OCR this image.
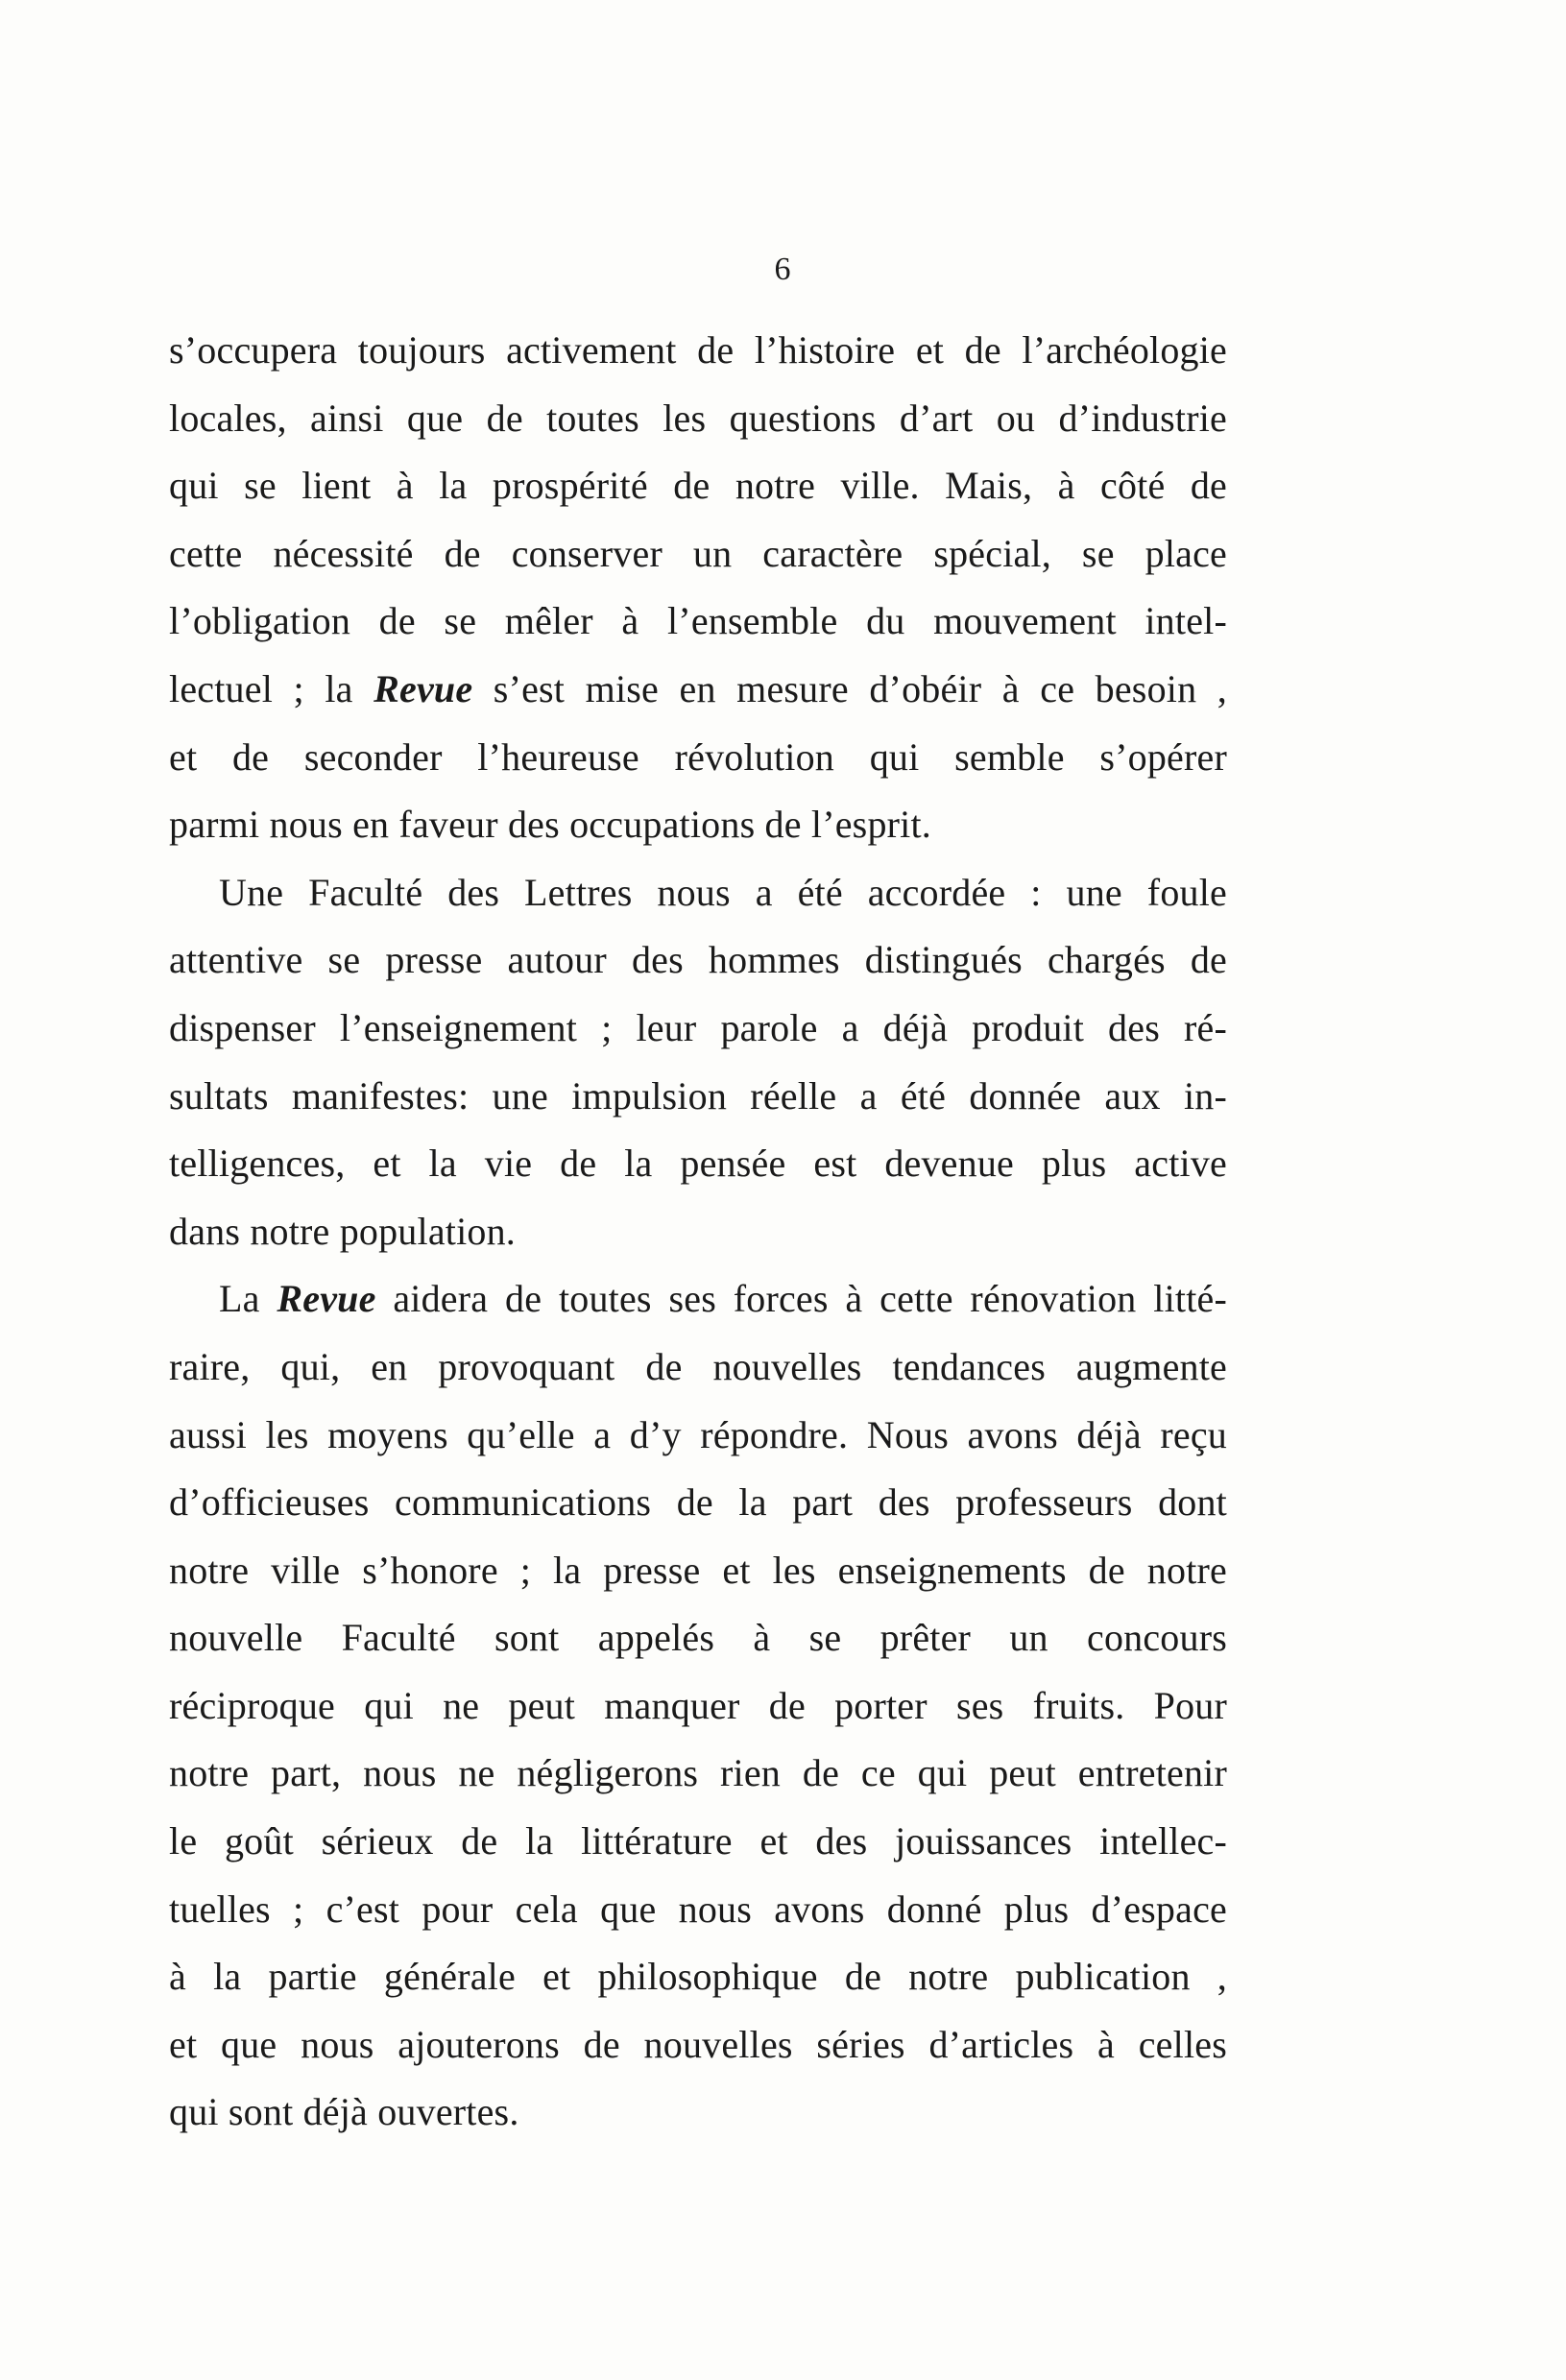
6
s’occupera toujours activement de l’histoire et de l’archéologie
locales, ainsi que de toutes les questions d’art ou d’industrie
qui se lient à la prospérité de notre ville. Mais, à côté de
cette nécessité de conserver un caractère spécial, se place
l’obligation de se mêler à l’ensemble du mouvement intel-
lectuel ; la Revue s’est mise en mesure d’obéir à ce besoin ,
et de seconder l’heureuse révolution qui semble s’opérer
parmi nous en faveur des occupations de l’esprit.
Une Faculté des Lettres nous a été accordée : une foule
attentive se presse autour des hommes distingués chargés de
dispenser l’enseignement ; leur parole a déjà produit des ré-
sultats manifestes: une impulsion réelle a été donnée aux in-
telligences, et la vie de la pensée est devenue plus active
dans notre population.
La Revue aidera de toutes ses forces à cette rénovation litté-
raire, qui, en provoquant de nouvelles tendances augmente
aussi les moyens qu’elle a d’y répondre. Nous avons déjà reçu
d’officieuses communications de la part des professeurs dont
notre ville s’honore ; la presse et les enseignements de notre
nouvelle Faculté sont appelés à se prêter un concours
réciproque qui ne peut manquer de porter ses fruits. Pour
notre part, nous ne négligerons rien de ce qui peut entretenir
le goût sérieux de la littérature et des jouissances intellec-
tuelles ; c’est pour cela que nous avons donné plus d’espace
à la partie générale et philosophique de notre publication ,
et que nous ajouterons de nouvelles séries d’articles à celles
qui sont déjà ouvertes.
